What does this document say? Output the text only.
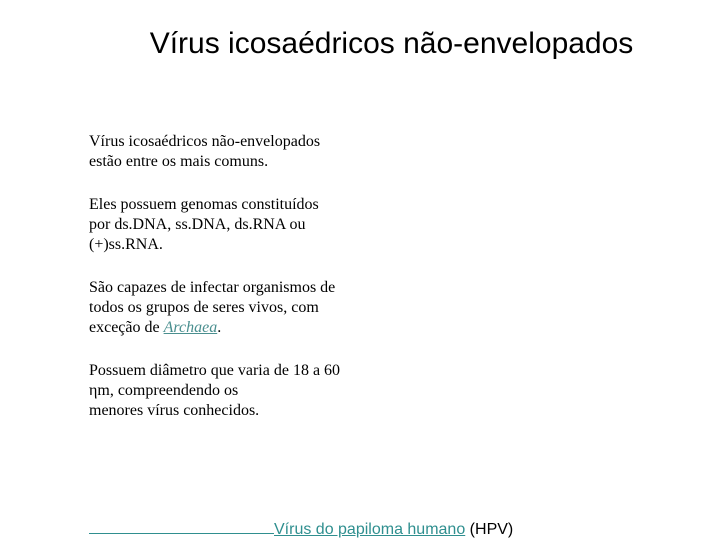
Vírus icosaédricos não-envelopados

Vírus icosaédricos não-envelopados
estão entre os mais comuns.

Eles possuem genomas constituídos
por ds.DNA, ss.DNA, ds.RNA ou
(+)ss.RNA.

São capazes de infectar organismos de
todos os grupos de seres vivos, com
exceção de Archaea.

Possuem diâmetro que varia de 18 a 60
ηm, compreendendo os
menores vírus conhecidos.

Vírus do papiloma humano (HPV)
